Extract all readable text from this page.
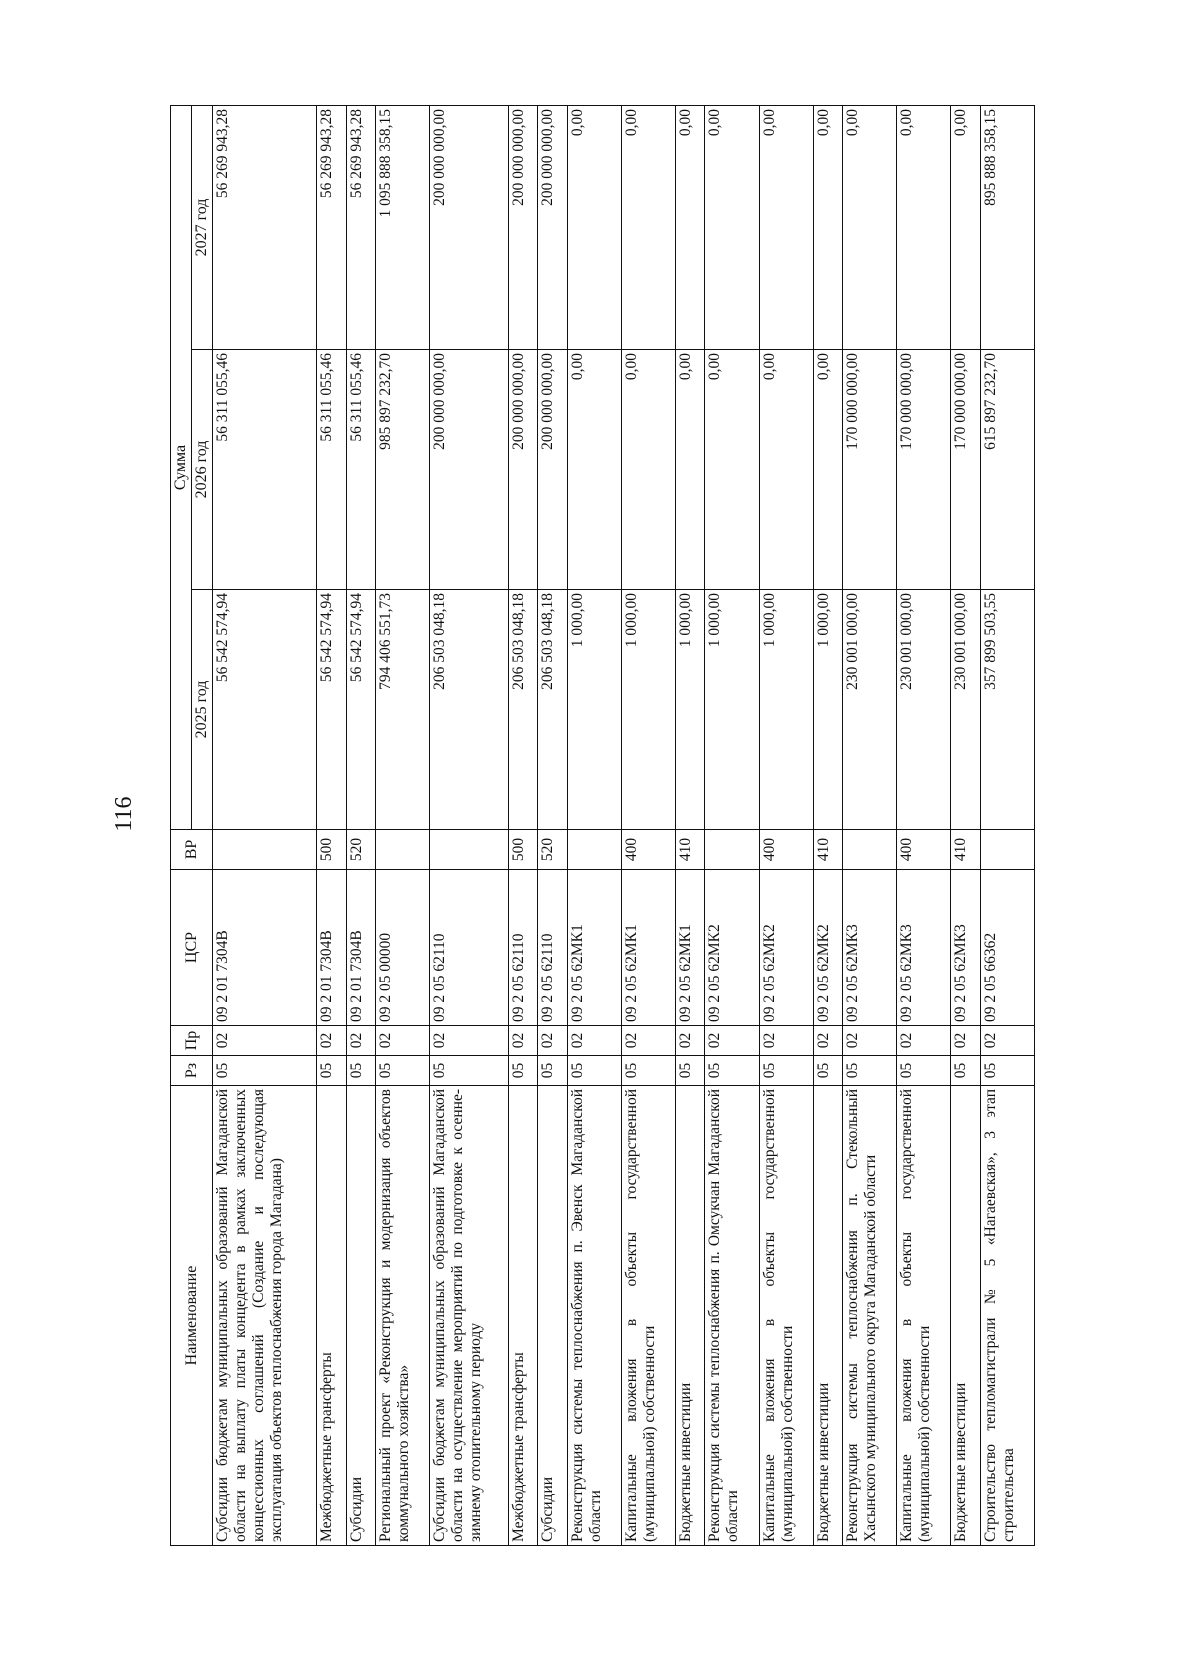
116
Наименование	Рз	Пр	ЦСР	ВР	Сумма		
					2025 год	2026 год	2027 год
Субсидии бюджетам муниципальных образований Магаданской области на выплату платы концедента в рамках заключенных концессионных соглашений (Создание и последующая эксплуатация объектов теплоснабжения города Магадана)	05	02	09 2 01 7304В		56 542 574,94	56 311 055,46	56 269 943,28
Межбюджетные трансферты	05	02	09 2 01 7304В	500	56 542 574,94	56 311 055,46	56 269 943,28
Субсидии	05	02	09 2 01 7304В	520	56 542 574,94	56 311 055,46	56 269 943,28
Региональный проект «Реконструкция и модернизация объектов коммунального хозяйства»	05	02	09 2 05 00000		794 406 551,73	985 897 232,70	1 095 888 358,15
Субсидии бюджетам муниципальных образований Магаданской области на осуществление мероприятий по подготовке к осенне-зимнему отопительному периоду	05	02	09 2 05 62110		206 503 048,18	200 000 000,00	200 000 000,00
Межбюджетные трансферты	05	02	09 2 05 62110	500	206 503 048,18	200 000 000,00	200 000 000,00
Субсидии	05	02	09 2 05 62110	520	206 503 048,18	200 000 000,00	200 000 000,00
Реконструкция системы теплоснабжения п. Эвенск Магаданской области	05	02	09 2 05 62МК1		1 000,00	0,00	0,00
Капитальные вложения в объекты государственной (муниципальной) собственности	05	02	09 2 05 62МК1	400	1 000,00	0,00	0,00
Бюджетные инвестиции	05	02	09 2 05 62МК1	410	1 000,00	0,00	0,00
Реконструкция системы теплоснабжения п. Омсукчан Магаданской области	05	02	09 2 05 62МК2		1 000,00	0,00	0,00
Капитальные вложения в объекты государственной (муниципальной) собственности	05	02	09 2 05 62МК2	400	1 000,00	0,00	0,00
Бюджетные инвестиции	05	02	09 2 05 62МК2	410	1 000,00	0,00	0,00
Реконструкция системы теплоснабжения п. Стекольный Хасынского муниципального округа Магаданской области	05	02	09 2 05 62МК3		230 001 000,00	170 000 000,00	0,00
Капитальные вложения в объекты государственной (муниципальной) собственности	05	02	09 2 05 62МК3	400	230 001 000,00	170 000 000,00	0,00
Бюджетные инвестиции	05	02	09 2 05 62МК3	410	230 001 000,00	170 000 000,00	0,00
Строительство тепломагистрали № 5 «Нагаевская», 3 этап строительства	05	02	09 2 05 66362		357 899 503,55	615 897 232,70	895 888 358,15
